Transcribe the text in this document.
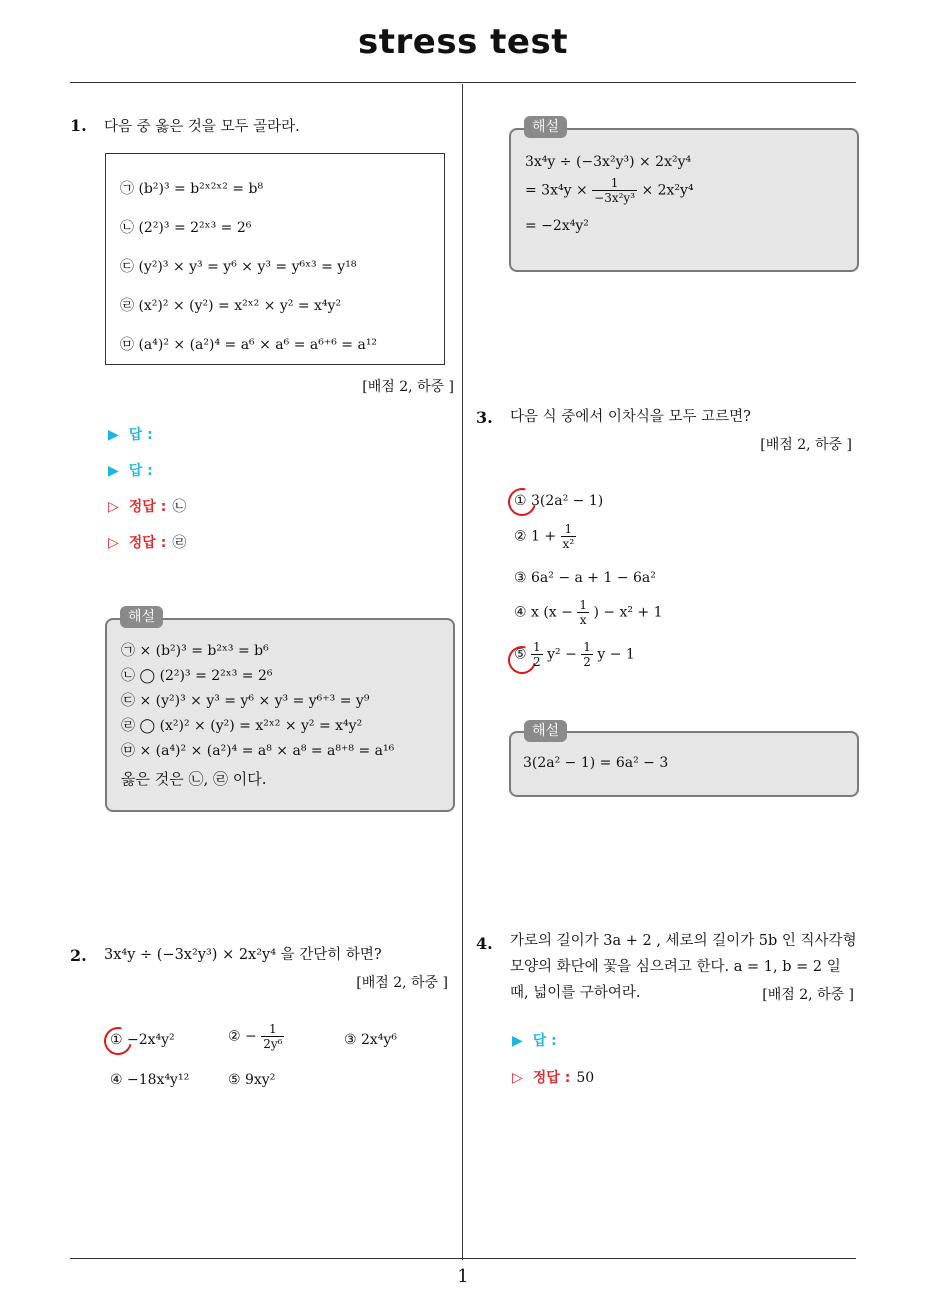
stress test
1
1. 다음 중 옳은 것을 모두 골라라.
㉠ (b²)³ = b²ˣ²ˣ² = b⁸
㉡ (2²)³ = 2²ˣ³ = 2⁶
㉢ (y²)³ × y³ = y⁶ × y³ = y⁶ˣ³ = y¹⁸
㉣ (x²)² × (y²) = x²ˣ² × y² = x⁴y²
㉤ (a⁴)² × (a²)⁴ = a⁶ × a⁶ = a⁶⁺⁶ = a¹²
[배점 2, 하중 ]
▶ 답 :
▶ 답 :
▷ 정답 : ㉡
▷ 정답 : ㉣
㉠ × (b²)³ = b²ˣ³ = b⁶
㉡ ◯ (2²)³ = 2²ˣ³ = 2⁶
㉢ × (y²)³ × y³ = y⁶ × y³ = y⁶⁺³ = y⁹
㉣ ◯ (x²)² × (y²) = x²ˣ² × y² = x⁴y²
㉤ × (a⁴)² × (a²)⁴ = a⁸ × a⁸ = a⁸⁺⁸ = a¹⁶
옳은 것은 ㉡, ㉣ 이다.
해설
2. 3x⁴y ÷ (−3x²y³) × 2x²y⁴ 을 간단히 하면?
[배점 2, 하중 ]
① −2x⁴y²	② − $\frac{1}{\text{2y⁶}}$	③ 2x⁴y⁶
④ −18x⁴y¹²	⑤ 9xy²
3x⁴y ÷ (−3x²y³) × 2x²y⁴
= $3x^4y \times \frac{1}{\text{−3x²y³}} \times 2x^2y^4$
= −2x⁴y²
해설
3. 다음 식 중에서 이차식을 모두 고르면?
[배점 2, 하중 ]
① 3(2a² − 1)
② $1 + \frac{1}{\text{x²}}$
③ 6a² − a + 1 − 6a²
④ x ($x - \frac{1}{x}$ ) − x² + 1
⑤ $\frac{1}{2} y^2 - \frac{1}{2}$ y − 1
3(2a² − 1) = 6a² − 3
해설
4. 가로의 길이가 3a + 2 , 세로의 길이가 5b 인 직사각형
모양의 화단에 꽃을 심으려고 한다. a = 1, b = 2 일
때, 넓이를 구하여라.	[배점 2, 하중 ]
▶ 답 :
▷ 정답 : 50
